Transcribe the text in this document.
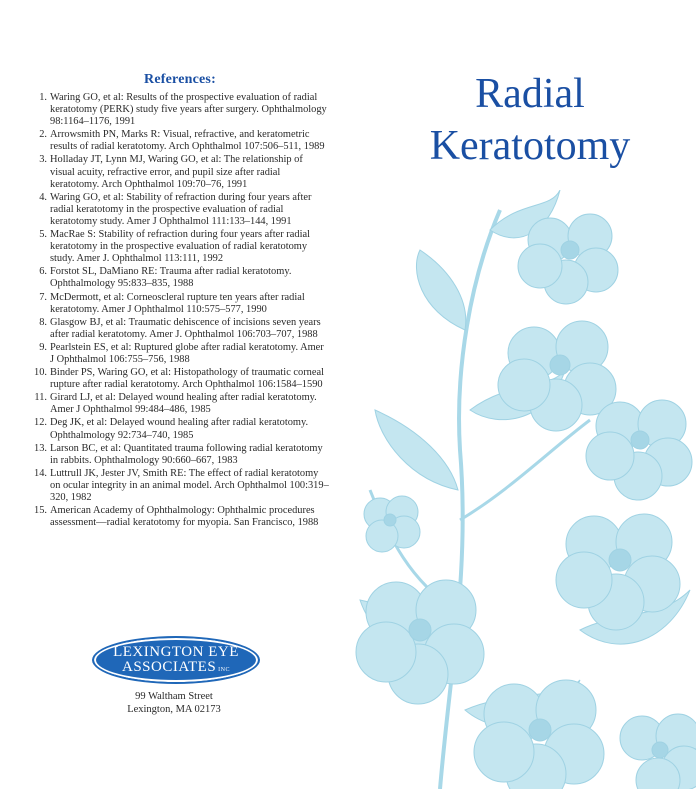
References:
1. Waring GO, et al: Results of the prospective evaluation of radial keratotomy (PERK) study five years after surgery. Ophthalmology 98:1164–1176, 1991
2. Arrowsmith PN, Marks R: Visual, refractive, and keratometric results of radial keratotomy. Arch Ophthalmol 107:506–511, 1989
3. Holladay JT, Lynn MJ, Waring GO, et al: The relationship of visual acuity, refractive error, and pupil size after radial keratotomy. Arch Ophthalmol 109:70–76, 1991
4. Waring GO, et al: Stability of refraction during four years after radial keratotomy in the prospective evaluation of radial keratotomy study. Amer J Ophthalmol 111:133–144, 1991
5. MacRae S: Stability of refraction during four years after radial keratotomy in the prospective evaluation of radial keratotomy study. Amer J. Ophthalmol 113:111, 1992
6. Forstot SL, DaMiano RE: Trauma after radial keratotomy. Ophthalmology 95:833–835, 1988
7. McDermott, et al: Corneoscleral rupture ten years after radial keratotomy. Amer J Ophthalmol 110:575–577, 1990
8. Glasgow BJ, et al: Traumatic dehiscence of incisions seven years after radial keratotomy. Amer J. Ophthalmol 106:703–707, 1988
9. Pearlstein ES, et al: Ruptured globe after radial keratotomy. Amer J Ophthalmol 106:755–756, 1988
10. Binder PS, Waring GO, et al: Histopathology of traumatic corneal rupture after radial keratotomy. Arch Ophthalmol 106:1584–1590
11. Girard LJ, et al: Delayed wound healing after radial keratotomy. Amer J Ophthalmol 99:484–486, 1985
12. Deg JK, et al: Delayed wound healing after radial keratotomy. Ophthalmology 92:734–740, 1985
13. Larson BC, et al: Quantitated trauma following radial keratotomy in rabbits. Ophthalmology 90:660–667, 1983
14. Luttrull JK, Jester JV, Smith RE: The effect of radial keratotomy on ocular integrity in an animal model. Arch Ophthalmol 100:319–320, 1982
15. American Academy of Ophthalmology: Ophthalmic procedures assessment—radial keratotomy for myopia. San Francisco, 1988
LEXINGTON EYE
ASSOCIATES INC
99 Waltham Street
Lexington, MA 02173
Radial
Keratotomy
